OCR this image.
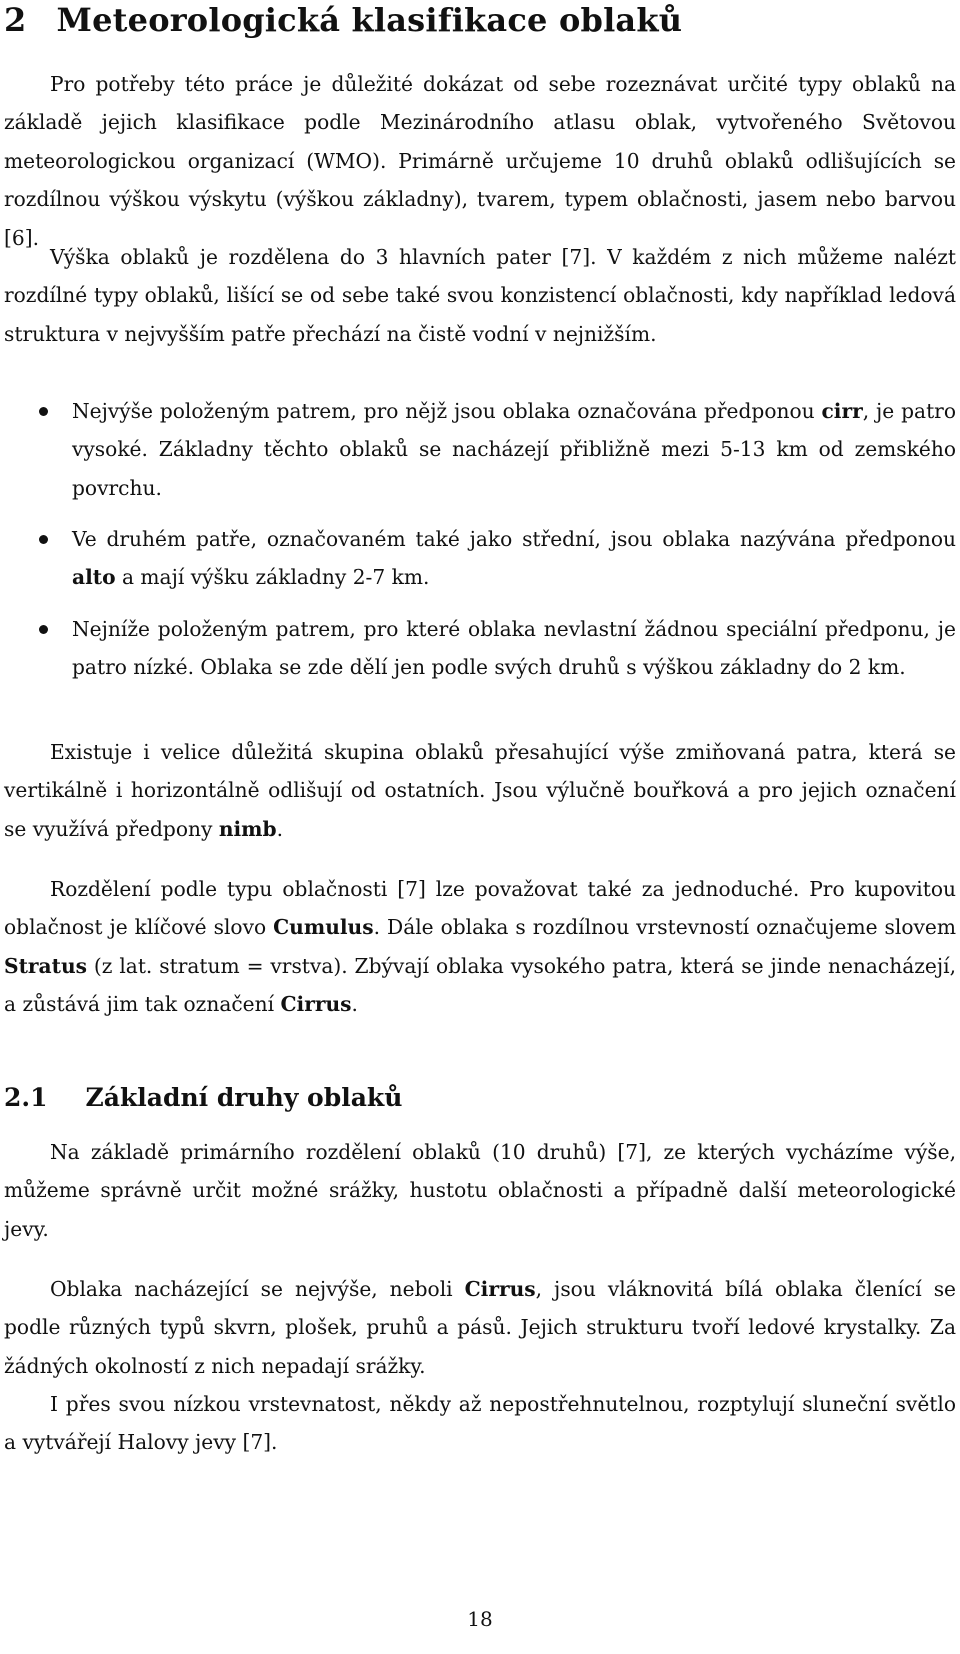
2 Meteorologická klasifikace oblaků

Pro potřeby této práce je důležité dokázat od sebe rozeznávat určité typy oblaků na základě jejich klasifikace podle Mezinárodního atlasu oblak, vytvořeného Světovou meteorologickou organizací (WMO). Primárně určujeme 10 druhů oblaků odlišujících se rozdílnou výškou výskytu (výškou základny), tvarem, typem oblačnosti, jasem nebo barvou [6].

Výška oblaků je rozdělena do 3 hlavních pater [7]. V každém z nich můžeme nalézt rozdílné typy oblaků, lišící se od sebe také svou konzistencí oblačnosti, kdy například ledová struktura v nejvyšším patře přechází na čistě vodní v nejnižším.

Nejvýše položeným patrem, pro nějž jsou oblaka označována předponou cirr, je patro vysoké. Základny těchto oblaků se nacházejí přibližně mezi 5-13 km od zemského povrchu.
Ve druhém patře, označovaném také jako střední, jsou oblaka nazývána předponou alto a mají výšku základny 2-7 km.
Nejníže položeným patrem, pro které oblaka nevlastní žádnou speciální předponu, je patro nízké. Oblaka se zde dělí jen podle svých druhů s výškou základny do 2 km.

Existuje i velice důležitá skupina oblaků přesahující výše zmiňovaná patra, která se vertikálně i horizontálně odlišují od ostatních. Jsou výlučně bouřková a pro jejich označení se využívá předpony nimb.

Rozdělení podle typu oblačnosti [7] lze považovat také za jednoduché. Pro kupovitou oblačnost je klíčové slovo Cumulus. Dále oblaka s rozdílnou vrstevností označujeme slovem Stratus (z lat. stratum = vrstva). Zbývají oblaka vysokého patra, která se jinde nenacházejí, a zůstává jim tak označení Cirrus.

2.1 Základní druhy oblaků

Na základě primárního rozdělení oblaků (10 druhů) [7], ze kterých vycházíme výše, můžeme správně určit možné srážky, hustotu oblačnosti a případně další meteorologické jevy.

Oblaka nacházející se nejvýše, neboli Cirrus, jsou vláknovitá bílá oblaka členící se podle různých typů skvrn, plošek, pruhů a pásů. Jejich strukturu tvoří ledové krystalky. Za žádných okolností z nich nepadají srážky.

I přes svou nízkou vrstevnatost, někdy až nepostřehnutelnou, rozptylují sluneční světlo a vytvářejí Halovy jevy [7].

18
